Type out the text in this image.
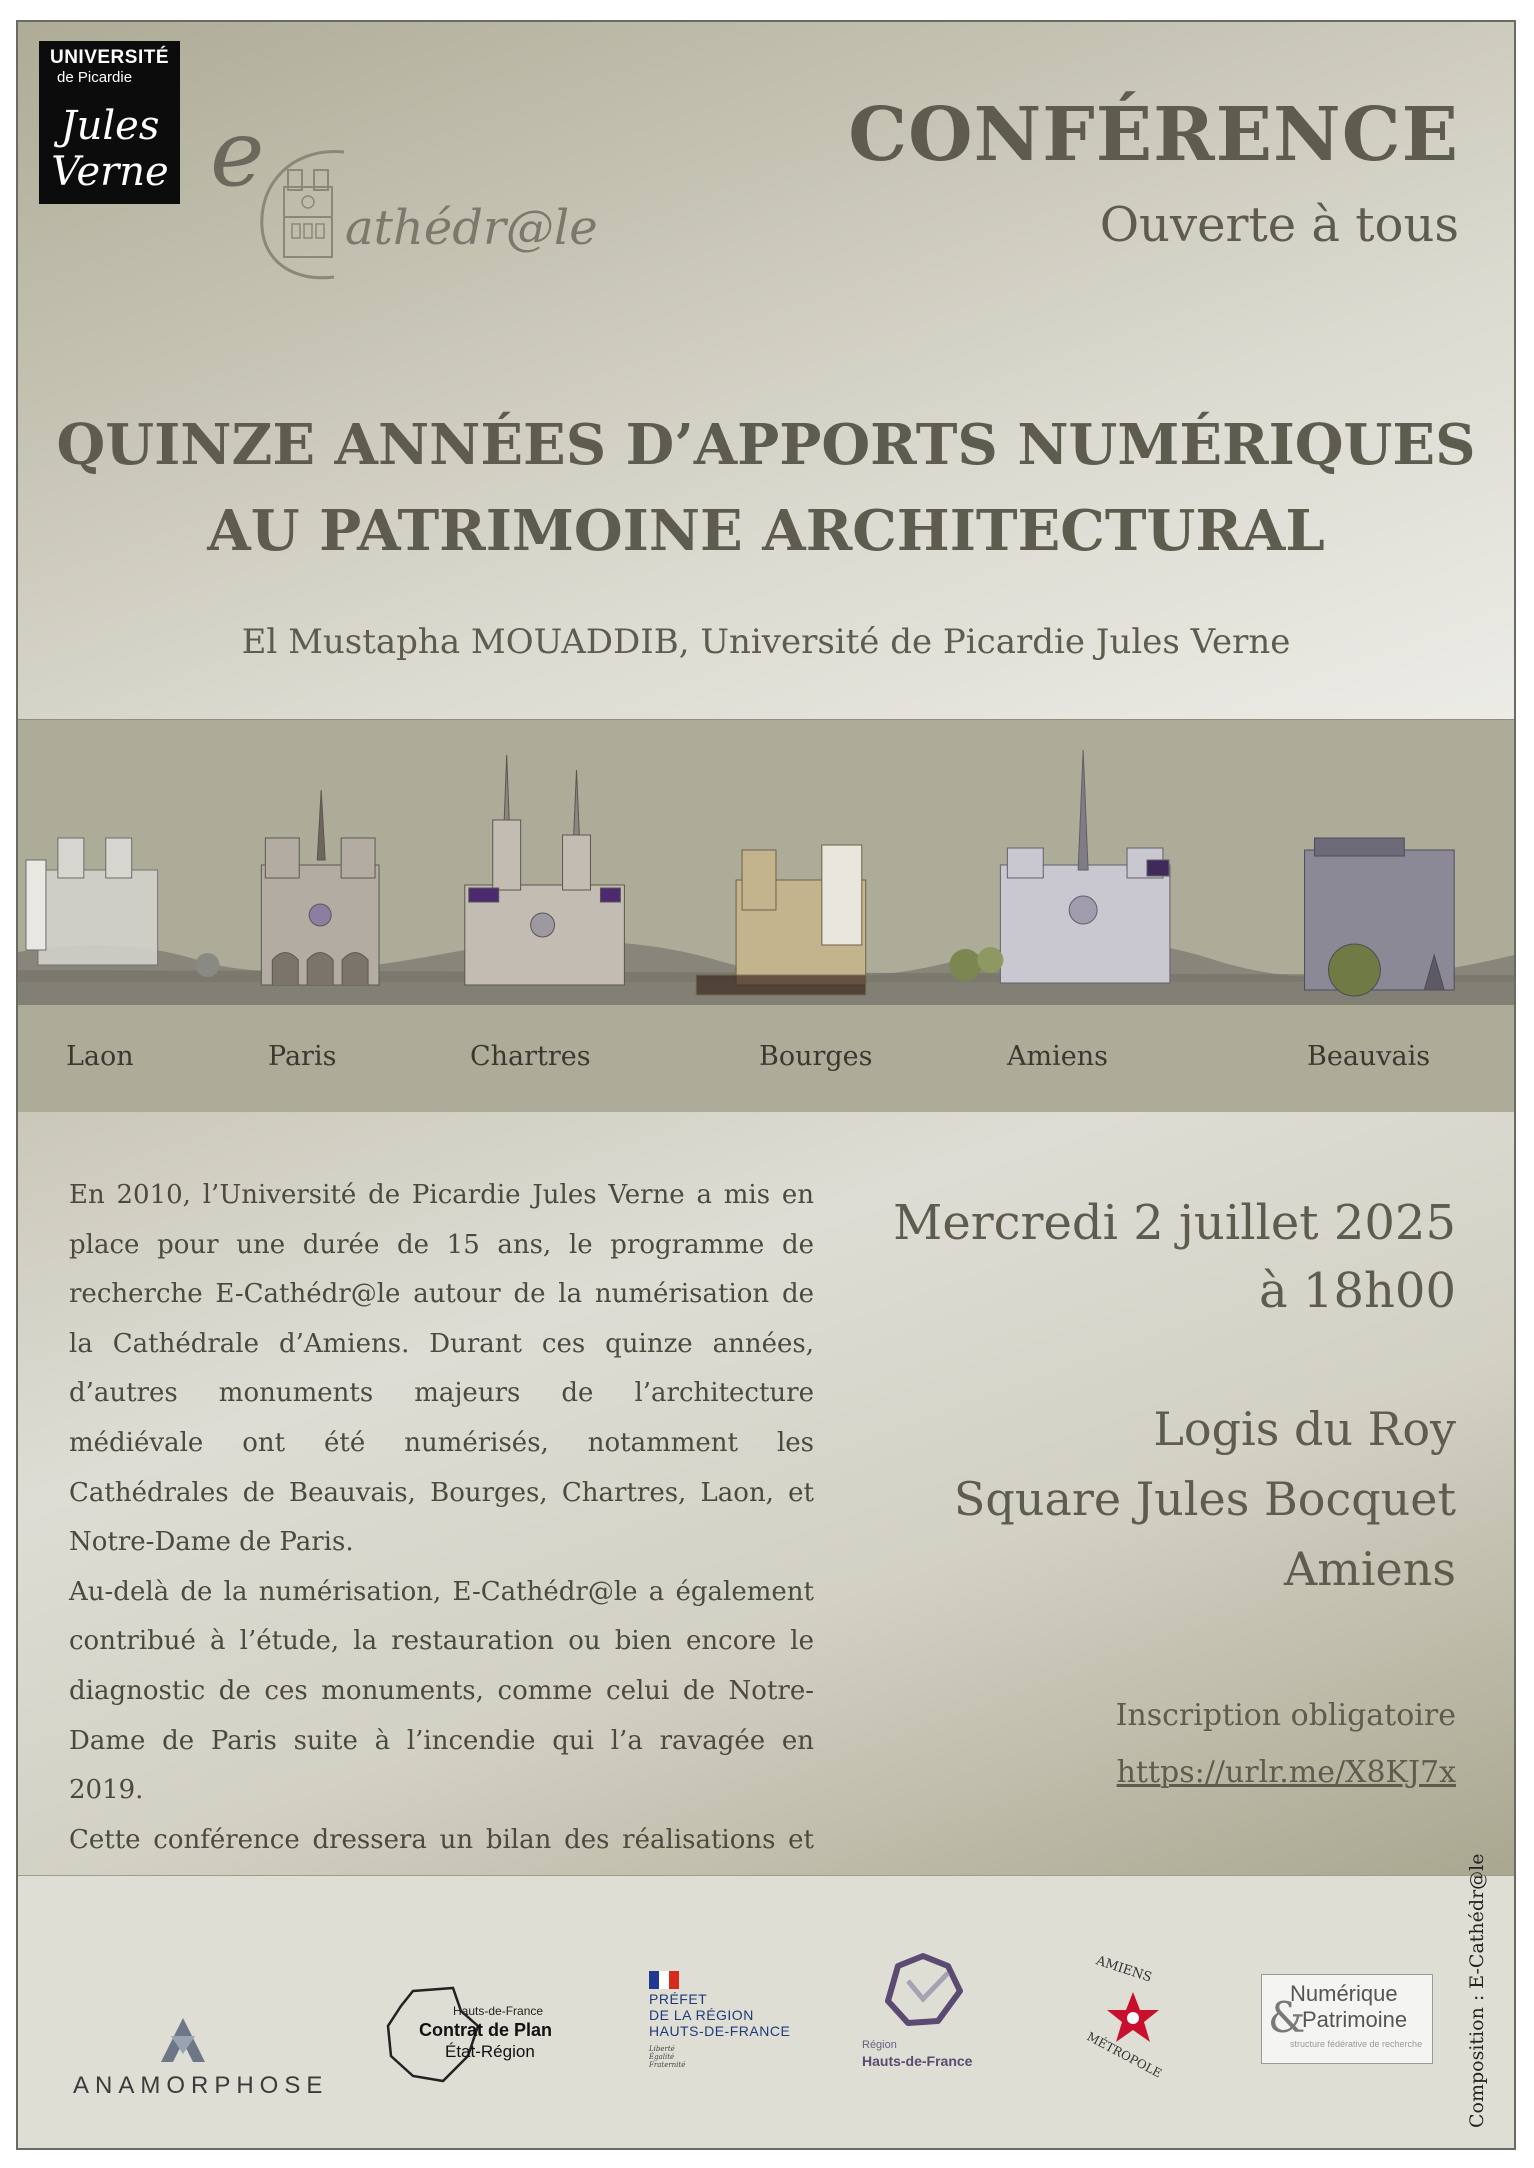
UNIVERSITÉ
de Picardie
Jules Verne e
athédr@le
CONFÉRENCE
Ouverte à tous
QUINZE ANNÉES D’APPORTS NUMÉRIQUES
AU PATRIMOINE ARCHITECTURAL
El Mustapha MOUADDIB, Université de Picardie Jules Verne
Laon	Paris	Chartres	Bourges	Amiens	Beauvais

En 2010, l’Université de Picardie Jules Verne a mis en place pour une durée de 15 ans, le programme de recherche E-Cathédr@le autour de la numérisation de la Cathédrale d’Amiens. Durant ces quinze années, d’autres monuments majeurs de l’architecture médiévale ont été numérisés, notamment les Cathédrales de Beauvais, Bourges, Chartres, Laon, et Notre-Dame de Paris.

Au-delà de la numérisation, E-Cathédr@le a également contribué à l’étude, la restauration ou bien encore le diagnostic de ces monuments, comme celui de Notre-Dame de Paris suite à l’incendie qui l’a ravagée en 2019.

Cette conférence dressera un bilan des réalisations et

Mercredi 2 juillet 2025
à 18h00
Logis du Roy
Square Jules Bocquet
Amiens
Inscription obligatoire
https://urlr.me/X8KJ7x
ANAMORPHOSE
Hauts-de-France
Contrat de Plan
État-Région
PRÉFET
DE LA RÉGION
HAUTS-DE-FRANCE
Liberté
Égalité
Fraternité
Région
Hauts-de-France
AMIENS
MÉTROPOLE
Numérique
&
Patrimoine
structure fédérative de recherche Composition : E-Cathédr@le
